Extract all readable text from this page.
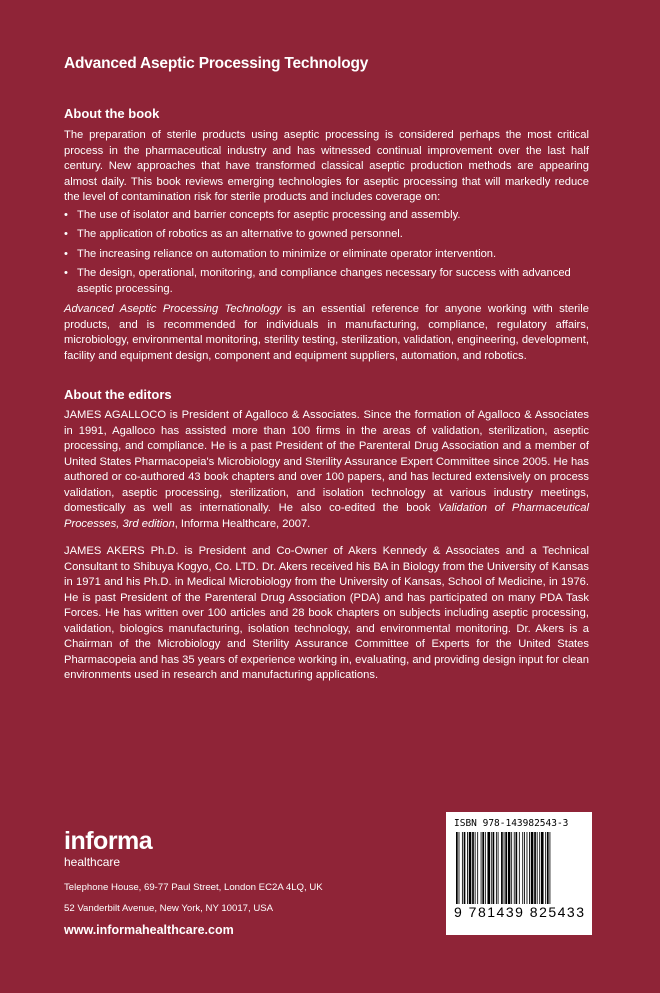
Advanced Aseptic Processing Technology
About the book

The preparation of sterile products using aseptic processing is considered perhaps the most critical process in the pharmaceutical industry and has witnessed continual improvement over the last half century. New approaches that have transformed classical aseptic production methods are appearing almost daily. This book reviews emerging technologies for aseptic processing that will markedly reduce the level of contamination risk for sterile products and includes coverage on:

• The use of isolator and barrier concepts for aseptic processing and assembly.
• The application of robotics as an alternative to gowned personnel.
• The increasing reliance on automation to minimize or eliminate operator intervention.
• The design, operational, monitoring, and compliance changes necessary for success with advanced aseptic processing.

Advanced Aseptic Processing Technology is an essential reference for anyone working with sterile products, and is recommended for individuals in manufacturing, compliance, regulatory affairs, microbiology, environmental monitoring, sterility testing, sterilization, validation, engineering, development, facility and equipment design, component and equipment suppliers, automation, and robotics.

About the editors

JAMES AGALLOCO is President of Agalloco & Associates. Since the formation of Agalloco & Associates in 1991, Agalloco has assisted more than 100 firms in the areas of validation, sterilization, aseptic processing, and compliance. He is a past President of the Parenteral Drug Association and a member of United States Pharmacopeia's Microbiology and Sterility Assurance Expert Committee since 2005. He has authored or co-authored 43 book chapters and over 100 papers, and has lectured extensively on process validation, aseptic processing, sterilization, and isolation technology at various industry meetings, domestically as well as internationally. He also co-edited the book Validation of Pharmaceutical Processes, 3rd edition, Informa Healthcare, 2007.

JAMES AKERS Ph.D. is President and Co-Owner of Akers Kennedy & Associates and a Technical Consultant to Shibuya Kogyo, Co. LTD. Dr. Akers received his BA in Biology from the University of Kansas in 1971 and his Ph.D. in Medical Microbiology from the University of Kansas, School of Medicine, in 1976. He is past President of the Parenteral Drug Association (PDA) and has participated on many PDA Task Forces. He has written over 100 articles and 28 book chapters on subjects including aseptic processing, validation, biologics manufacturing, isolation technology, and environmental monitoring. Dr. Akers is a Chairman of the Microbiology and Sterility Assurance Committee of Experts for the United States Pharmacopeia and has 35 years of experience working in, evaluating, and providing design input for clean environments used in research and manufacturing applications.

informa
healthcare
Telephone House, 69-77 Paul Street, London EC2A 4LQ, UK
52 Vanderbilt Avenue, New York, NY 10017, USA
www.informahealthcare.com
ISBN 978-143982543-3
9 781439 825433
